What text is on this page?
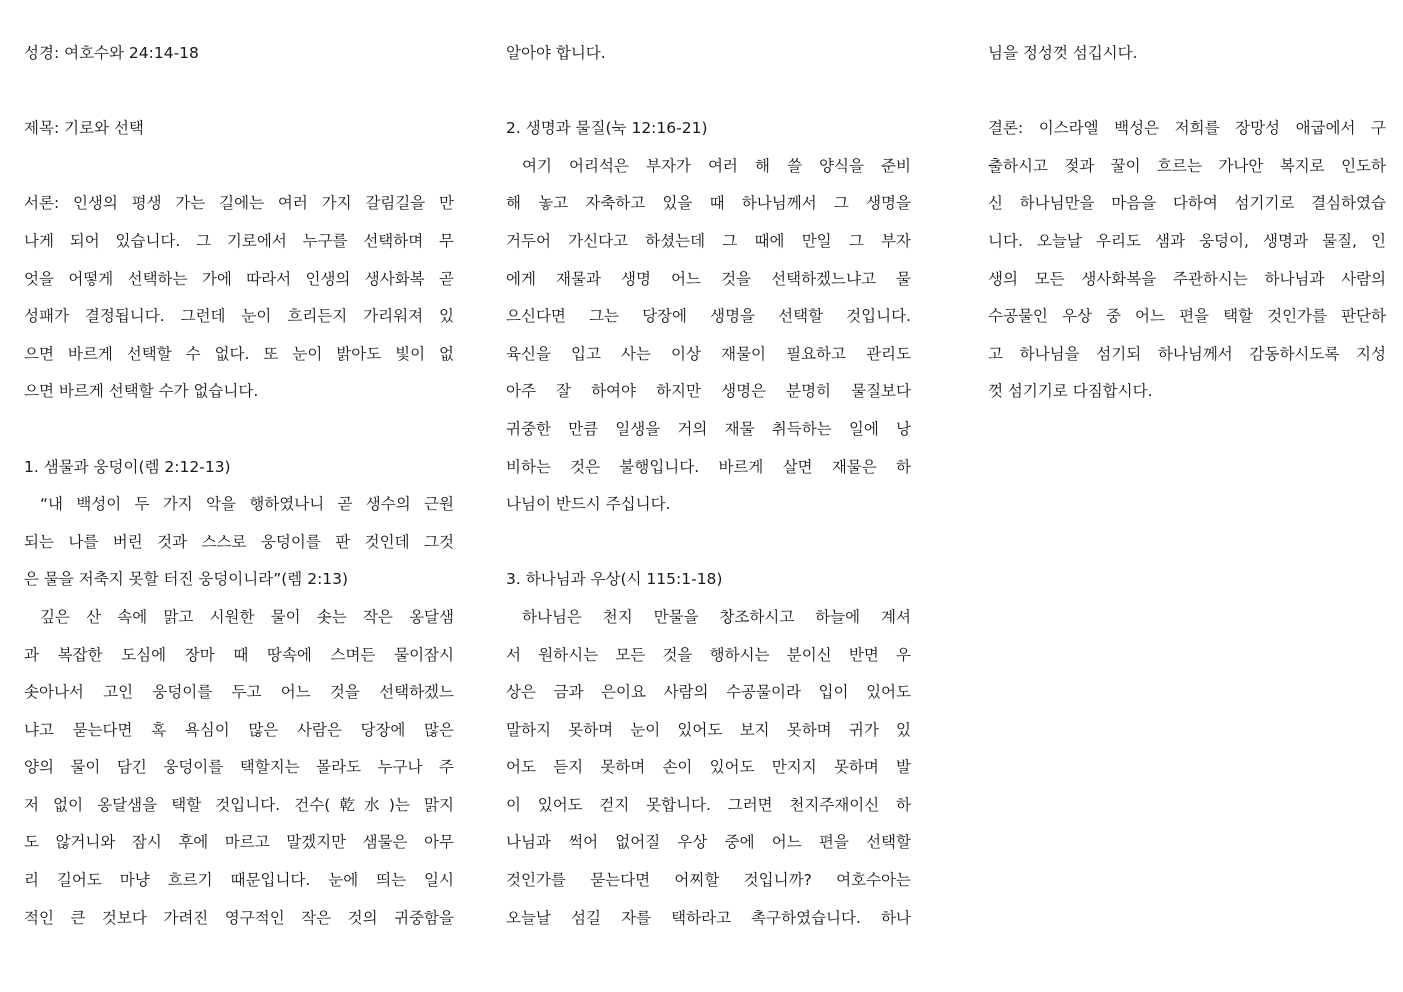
성경: 여호수와 24:14-18
제목: 기로와 선택
서론: 인생의 평생 가는 길에는 여러 가지 갈림길을 만
나게 되어 있습니다. 그 기로에서 누구를 선택하며 무
엇을 어떻게 선택하는 가에 따라서 인생의 생사화복 곧
성패가 결정됩니다. 그런데 눈이 흐리든지 가리워져 있
으면 바르게 선택할 수 없다. 또 눈이 밝아도 빛이 없
으면 바르게 선택할 수가 없습니다.
1. 샘물과 웅덩이(렘 2:12-13)
“내 백성이 두 가지 악을 행하였나니 곧 생수의 근원
되는 나를 버린 것과 스스로 웅덩이를 판 것인데 그것
은 물을 저축지 못할 터진 웅덩이니라”(렘 2:13)
깊은 산 속에 맑고 시원한 물이 솟는 작은 옹달샘
과 복잡한 도심에 장마 때 땅속에 스며든 물이잠시
솟아나서 고인 웅덩이를 두고 어느 것을 선택하겠느
냐고 묻는다면 혹 욕심이 많은 사람은 당장에 많은
양의 물이 담긴 웅덩이를 택할지는 몰라도 누구나 주
저 없이 옹달샘을 택할 것입니다. 건수(乾水)는 맑지
도 않거니와 잠시 후에 마르고 말겠지만 샘물은 아무
리 길어도 마냥 흐르기 때문입니다. 눈에 띄는 일시
적인 큰 것보다 가려진 영구적인 작은 것의 귀중함을
알아야 합니다.
2. 생명과 물질(눅 12:16-21)
여기 어리석은 부자가 여러 해 쓸 양식을 준비
해 놓고 자축하고 있을 때 하나님께서 그 생명을
거두어 가신다고 하셨는데 그 때에 만일 그 부자
에게 재물과 생명 어느 것을 선택하겠느냐고 물
으신다면 그는 당장에 생명을 선택할 것입니다.
육신을 입고 사는 이상 재물이 필요하고 관리도
아주 잘 하여야 하지만 생명은 분명히 물질보다
귀중한 만큼 일생을 거의 재물 취득하는 일에 낭
비하는 것은 불행입니다. 바르게 살면 재물은 하
나님이 반드시 주십니다.
3. 하나님과 우상(시 115:1-18)
하나님은 천지 만물을 창조하시고 하늘에 계셔
서 원하시는 모든 것을 행하시는 분이신 반면 우
상은 금과 은이요 사람의 수공물이라 입이 있어도
말하지 못하며 눈이 있어도 보지 못하며 귀가 있
어도 듣지 못하며 손이 있어도 만지지 못하며 발
이 있어도 걷지 못합니다. 그러면 천지주재이신 하
나님과 썩어 없어질 우상 중에 어느 편을 선택할
것인가를 묻는다면 어찌할 것입니까? 여호수아는
오늘날 섬길 자를 택하라고 촉구하였습니다. 하나
님을 정성껏 섬깁시다.
결론: 이스라엘 백성은 저희를 장망성 애굽에서 구
출하시고 젖과 꿀이 흐르는 가나안 복지로 인도하
신 하나님만을 마음을 다하여 섬기기로 결심하였습
니다. 오늘날 우리도 샘과 웅덩이, 생명과 물질, 인
생의 모든 생사화복을 주관하시는 하나님과 사람의
수공물인 우상 중 어느 편을 택할 것인가를 판단하
고 하나님을 섬기되 하나님께서 감동하시도록 지성
껏 섬기기로 다짐합시다.
